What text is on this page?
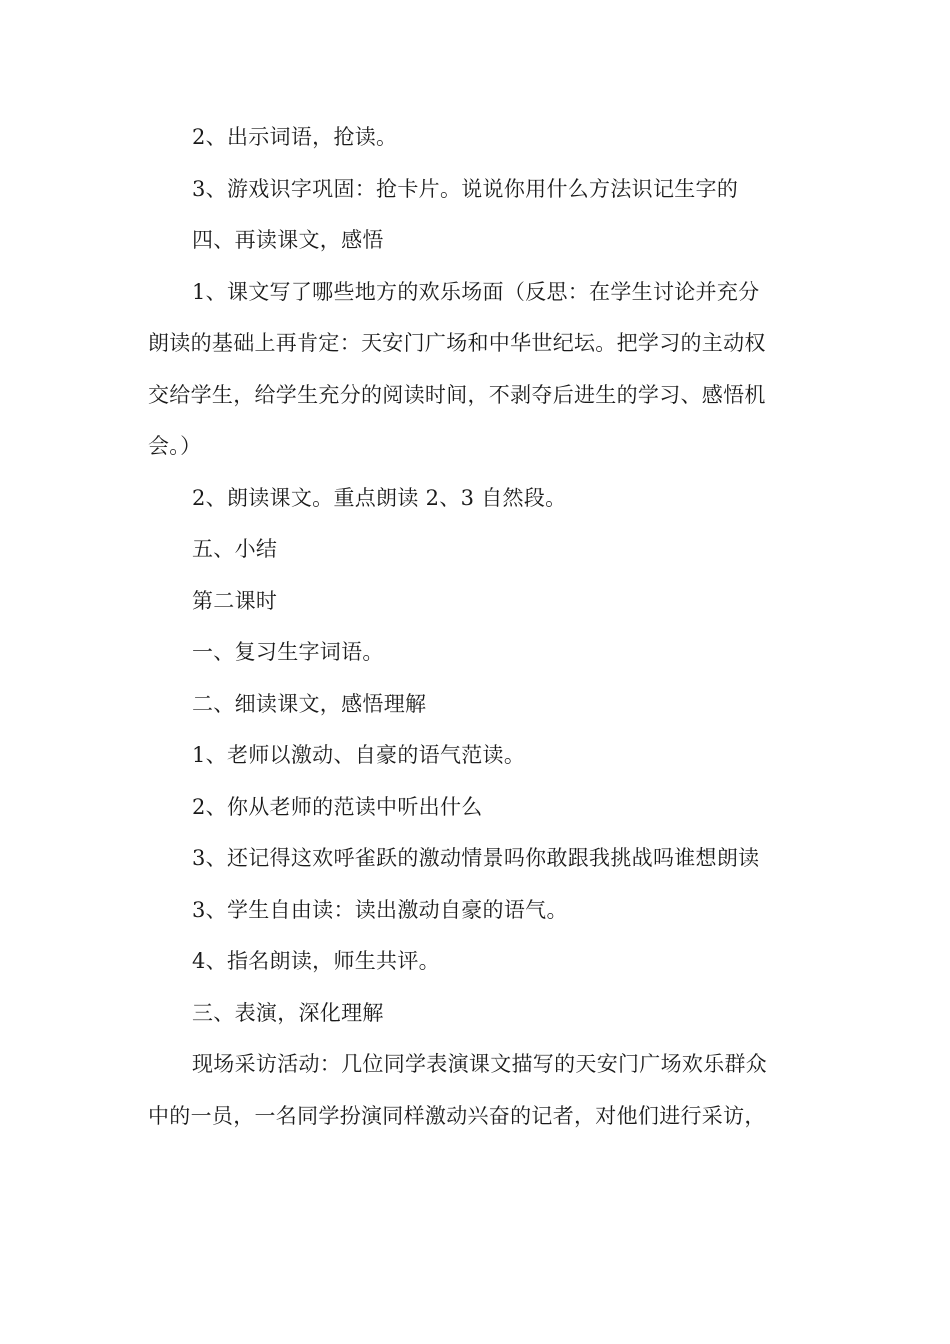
2、出示词语，抢读。

3、游戏识字巩固：抢卡片。说说你用什么方法识记生字的

四、再读课文，感悟

1、课文写了哪些地方的欢乐场面（反思：在学生讨论并充分

朗读的基础上再肯定：天安门广场和中华世纪坛。把学习的主动权

交给学生，给学生充分的阅读时间，不剥夺后进生的学习、感悟机

会。）

2、朗读课文。重点朗读 2、3 自然段。

五、小结

第二课时

一、复习生字词语。

二、细读课文，感悟理解

1、老师以激动、自豪的语气范读。

2、你从老师的范读中听出什么

3、还记得这欢呼雀跃的激动情景吗你敢跟我挑战吗谁想朗读

3、学生自由读：读出激动自豪的语气。

4、指名朗读，师生共评。

三、表演，深化理解

现场采访活动：几位同学表演课文描写的天安门广场欢乐群众

中的一员，一名同学扮演同样激动兴奋的记者，对他们进行采访，
